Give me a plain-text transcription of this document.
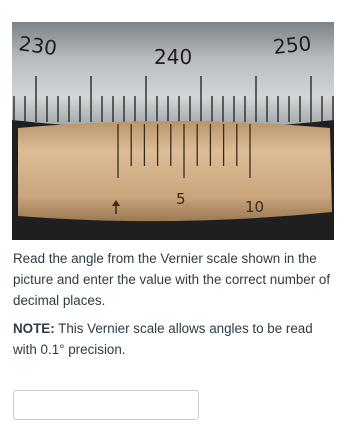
230	240	250
5	10

Read the angle from the Vernier scale shown in the picture and enter the value with the correct number of decimal places.

NOTE: This Vernier scale allows angles to be read with 0.1° precision.
